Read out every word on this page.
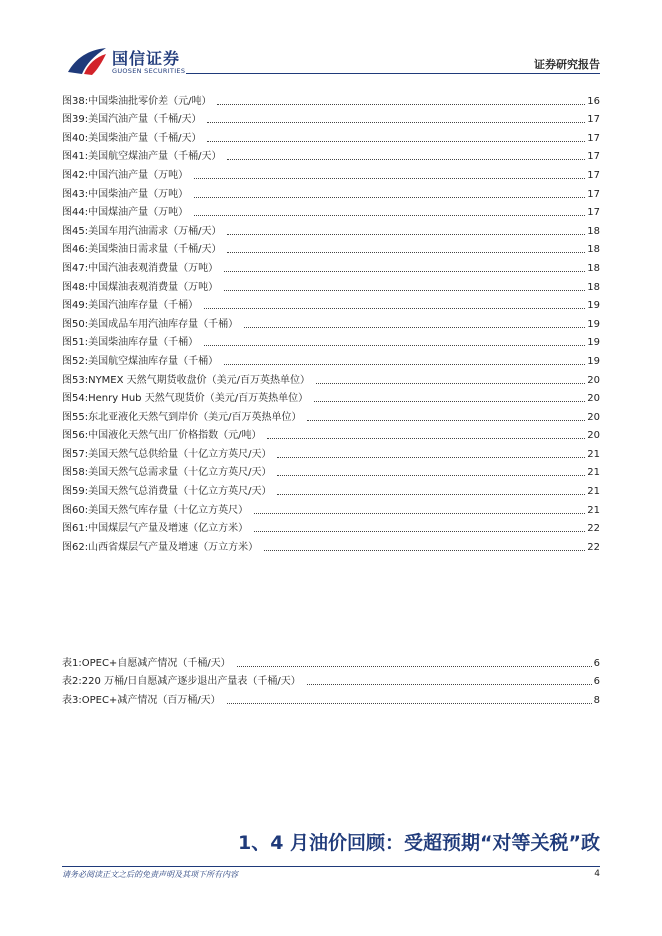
国信证券
GUOSEN SECURITIES	证券研究报告
图38:中国柴油批零价差（元/吨）	16
图39:美国汽油产量（千桶/天）	17
图40:美国柴油产量（千桶/天）	17
图41:美国航空煤油产量（千桶/天）	17
图42:中国汽油产量（万吨）	17
图43:中国柴油产量（万吨）	17
图44:中国煤油产量（万吨）	17
图45:美国车用汽油需求（万桶/天）	18
图46:美国柴油日需求量（千桶/天）	18
图47:中国汽油表观消费量（万吨）	18
图48:中国煤油表观消费量（万吨）	18
图49:美国汽油库存量（千桶）	19
图50:美国成品车用汽油库存量（千桶）	19
图51:美国柴油库存量（千桶）	19
图52:美国航空煤油库存量（千桶）	19
图53:NYMEX 天然气期货收盘价（美元/百万英热单位）	20
图54:Henry Hub 天然气现货价（美元/百万英热单位）	20
图55:东北亚液化天然气到岸价（美元/百万英热单位）	20
图56:中国液化天然气出厂价格指数（元/吨）	20
图57:美国天然气总供给量（十亿立方英尺/天）	21
图58:美国天然气总需求量（十亿立方英尺/天）	21
图59:美国天然气总消费量（十亿立方英尺/天）	21
图60:美国天然气库存量（十亿立方英尺）	21
图61:中国煤层气产量及增速（亿立方米）	22
图62:山西省煤层气产量及增速（万立方米）	22
表1:OPEC+自愿减产情况（千桶/天）	6
表2:220 万桶/日自愿减产逐步退出产量表（千桶/天）	6
表3:OPEC+减产情况（百万桶/天）	8
1、4 月油价回顾：受超预期“对等关税”政
请务必阅读正文之后的免责声明及其项下所有内容	4
